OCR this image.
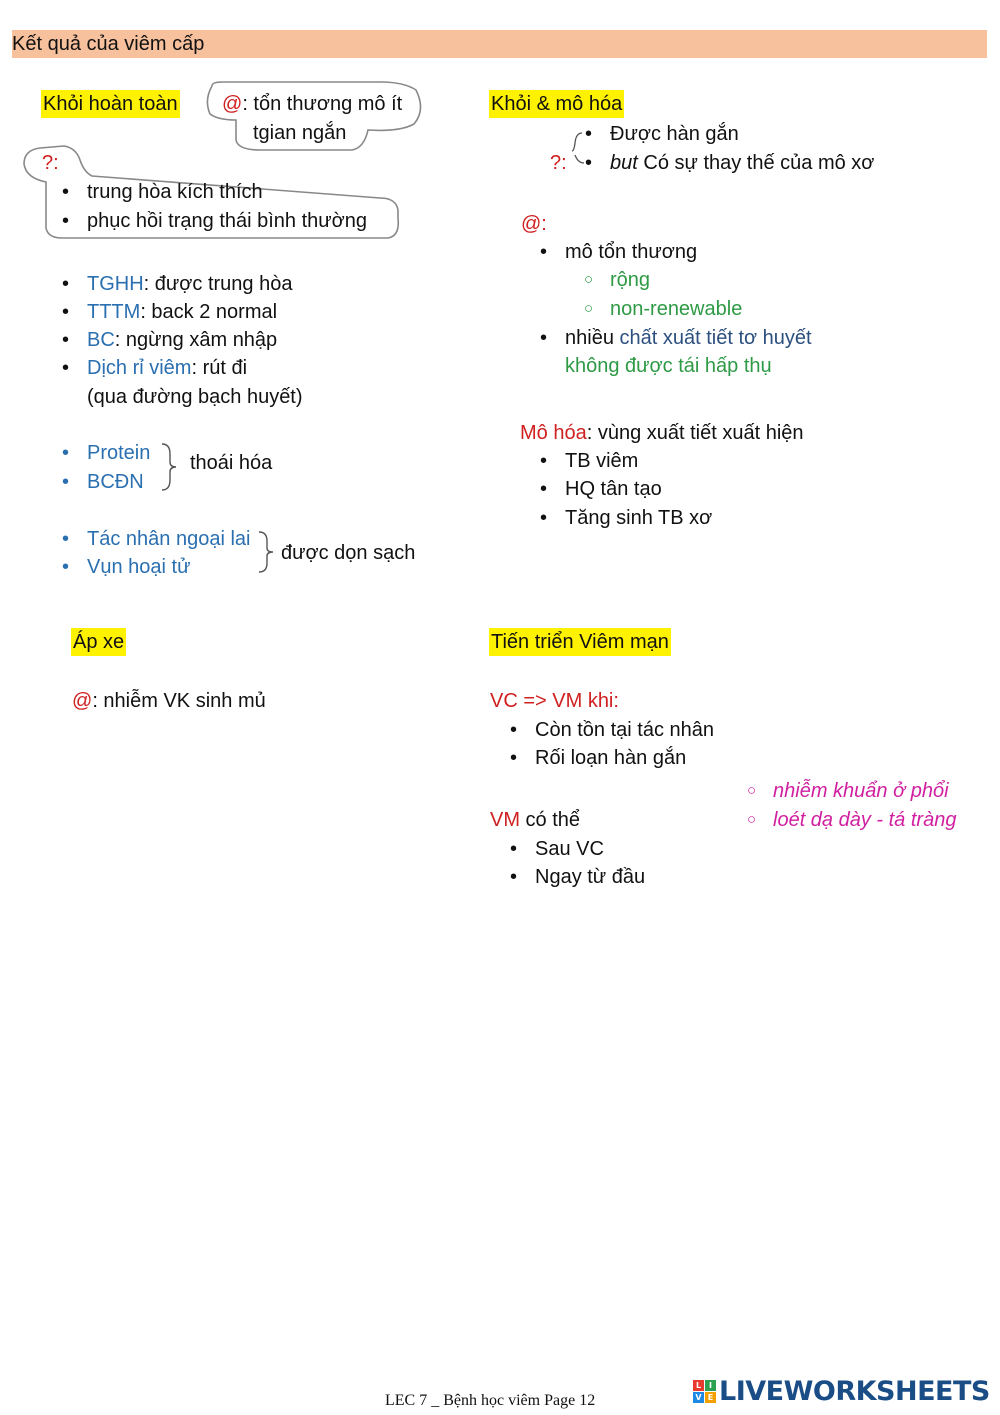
Kết quả của viêm cấp
Khỏi hoàn toàn @: tổn thương mô ít
tgian ngắn
?:
• trung hòa kích thích
• phục hồi trạng thái bình thường
• TGHH: được trung hòa
• TTTM: back 2 normal
• BC: ngừng xâm nhập
• Dịch rỉ viêm: rút đi
(qua đường bạch huyết)
• Protein
• BCĐN
thoái hóa
• Tác nhân ngoại lai
• Vụn hoại tử
được dọn sạch
Khỏi & mô hóa
?:
• Được hàn gắn
• but Có sự thay thế của mô xơ
@:
• mô tổn thương
○ rộng
○ non-renewable
• nhiều chất xuất tiết tơ huyết
không được tái hấp thụ
Mô hóa: vùng xuất tiết xuất hiện
• TB viêm
• HQ tân tạo
• Tăng sinh TB xơ
Áp xe
@: nhiễm VK sinh mủ
Tiến triển Viêm mạn
VC => VM khi:
• Còn tồn tại tác nhân
• Rối loạn hàn gắn
○ nhiễm khuẩn ở phổi
○ loét dạ dày - tá tràng
VM có thể
• Sau VC
• Ngay từ đầu
LEC 7 _ Bệnh học viêm Page 12
L I
V E LIVEWORKSHEETS
